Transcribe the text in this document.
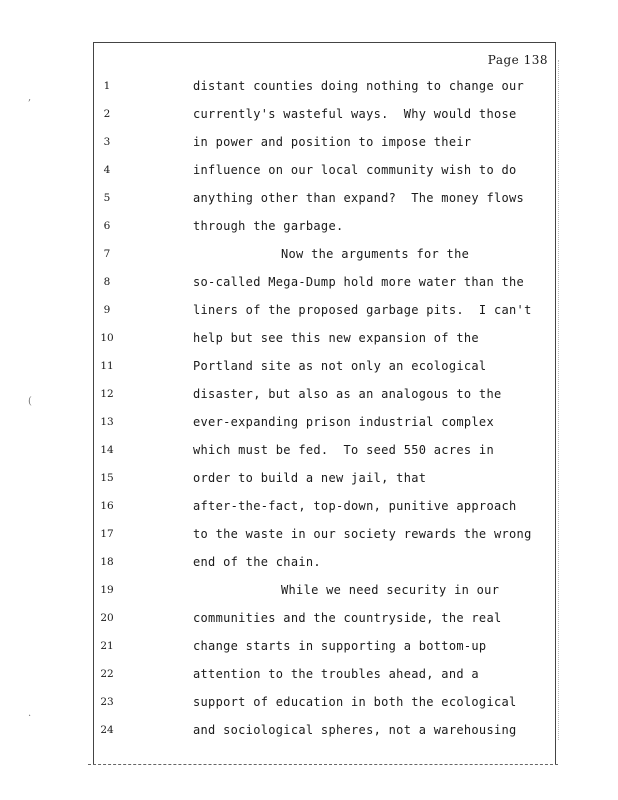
,
(
.
Page 138
1
2
3
4
5
6
7
8
9
10
11
12
13
14
15
16
17
18
19
20
21
22
23
24
distant counties doing nothing to change our
currently's wasteful ways.  Why would those
in power and position to impose their
influence on our local community wish to do
anything other than expand?  The money flows
through the garbage.
Now the arguments for the
so-called Mega-Dump hold more water than the
liners of the proposed garbage pits.  I can't
help but see this new expansion of the
Portland site as not only an ecological
disaster, but also as an analogous to the
ever-expanding prison industrial complex
which must be fed.  To seed 550 acres in
order to build a new jail, that
after-the-fact, top-down, punitive approach
to the waste in our society rewards the wrong
end of the chain.
While we need security in our
communities and the countryside, the real
change starts in supporting a bottom-up
attention to the troubles ahead, and a
support of education in both the ecological
and sociological spheres, not a warehousing
